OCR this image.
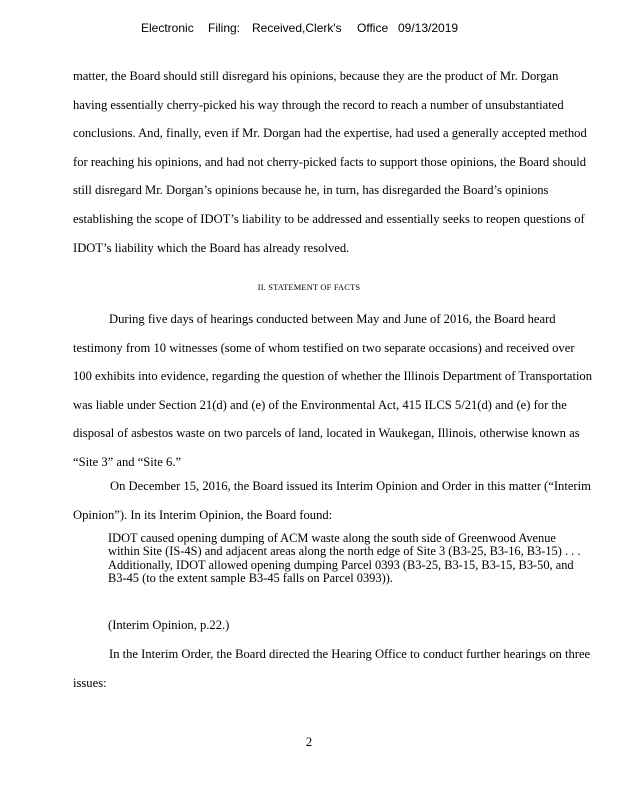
Electronic

Filing:

Received,Clerk's

Office

09/13/2019

matter, the Board should still disregard his opinions, because they are the product of Mr. Dorgan having essentially cherry-picked his way through the record to reach a number of unsubstantiated conclusions. And, finally, even if Mr. Dorgan had the expertise, had used a generally accepted method for reaching his opinions, and had not cherry-picked facts to support those opinions, the Board should still disregard Mr. Dorgan’s opinions because he, in turn, has disregarded the Board’s opinions establishing the scope of IDOT’s liability to be addressed and essentially seeks to reopen questions of IDOT’s liability which the Board has already resolved.

II. STATEMENT OF FACTS

During five days of hearings conducted between May and June of 2016, the Board heard testimony from 10 witnesses (some of whom testified on two separate occasions) and received over 100 exhibits into evidence, regarding the question of whether the Illinois Department of Transportation was liable under Section 21(d) and (e) of the Environmental Act, 415 ILCS 5/21(d) and (e) for the disposal of asbestos waste on two parcels of land, located in Waukegan, Illinois, otherwise known as “Site 3” and “Site 6.”

On December 15, 2016, the Board issued its Interim Opinion and Order in this matter (“Interim Opinion”). In its Interim Opinion, the Board found:

IDOT caused opening dumping of ACM waste along the south side of Greenwood Avenue within Site (IS-4S) and adjacent areas along the north edge of Site 3 (B3-25, B3-16, B3-15) . . . Additionally, IDOT allowed opening dumping Parcel 0393 (B3-25, B3-15, B3-15, B3-50, and B3-45 (to the extent sample B3-45 falls on Parcel 0393)).

(Interim Opinion, p.22.)

In the Interim Order, the Board directed the Hearing Office to conduct further hearings on three issues:

2
